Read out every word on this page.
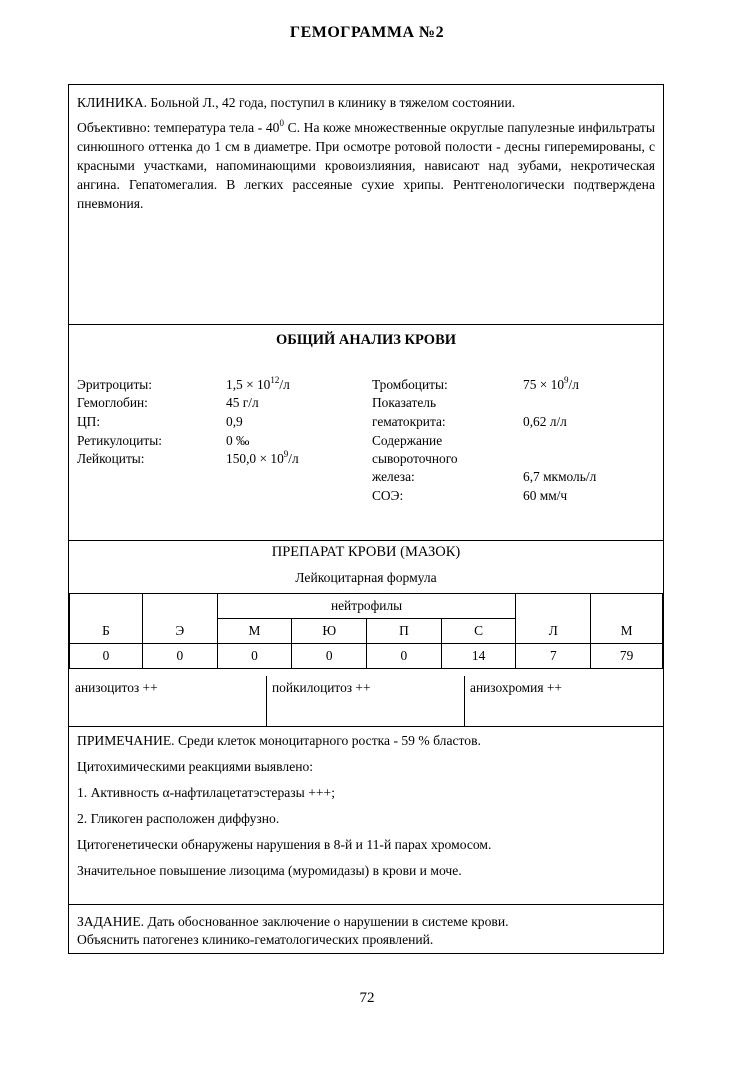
ГЕМОГРАММА №2

КЛИНИКА. Больной Л., 42 года, поступил в клинику в тяжелом состоянии.

Объективно: температура тела - $40^0$ С. На коже множественные округлые папулезные инфильтраты синюшного оттенка до 1 см в диаметре. При осмотре ротовой полости - десны гиперемированы, с красными участками, напоминающими кровоизлияния, нависают над зубами, некротическая ангина. Гепатомегалия. В легких рассеяные сухие хрипы. Рентгенологически подтверждена пневмония.

ОБЩИЙ АНАЛИЗ КРОВИ
Эритроциты:	$1,5 \times 10^{12}/л$
Гемоглобин:	45 г/л
ЦП:	0,9
Ретикулоциты:	0 ‰
Лейкоциты:	$150,0 \times 10^9/л$
Тромбоциты:	$75 \times 10^9/л$
Показатель
гематокрита:	0,62 л/л
Содержание
сывороточного
железа:	6,7 мкмоль/л
СОЭ:	60 мм/ч
ПРЕПАРАТ КРОВИ (МАЗОК)
Лейкоцитарная формула
		нейтрофилы					
Б	Э	М	Ю	П	С	Л	М
0	0	0	0	0	14	7	79
анизоцитоз ++	пойкилоцитоз ++	анизохромия ++

ПРИМЕЧАНИЕ. Среди клеток моноцитарного ростка - 59 % бластов.

Цитохимическими реакциями выявлено:

1. Активность α-нафтилацетатэстеразы +++;

2. Гликоген расположен диффузно.

Цитогенетически обнаружены нарушения в 8-й и 11-й парах хромосом.

Значительное повышение лизоцима (муромидазы) в крови и моче.

ЗАДАНИЕ. Дать обоснованное заключение о нарушении в системе крови.
Объяснить патогенез клинико-гематологических проявлений.
72
